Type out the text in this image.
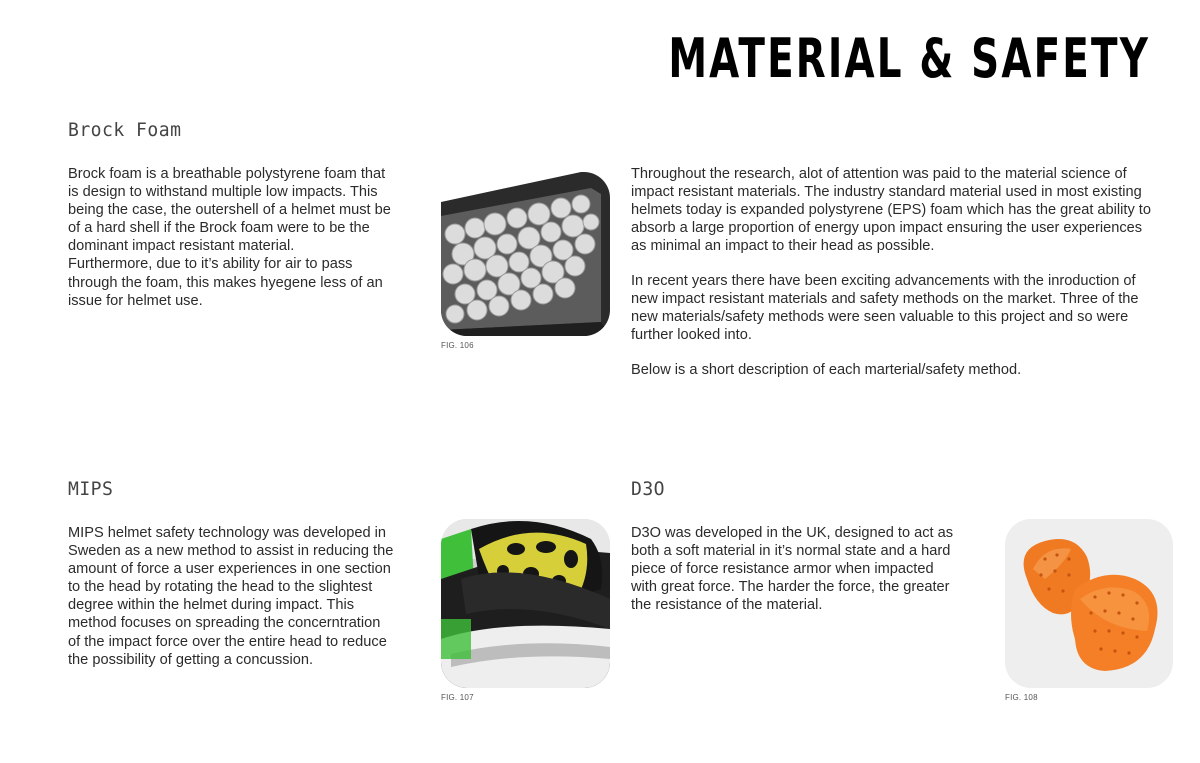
MATERIAL & SAFETY
Brock Foam

Brock foam is a breathable polystyrene foam that
is design to withstand multiple low impacts. This
being the case, the outershell of a helmet must be
of a hard shell if the Brock foam were to be the
dominant impact resistant material.
Furthermore, due to it’s ability for air to pass
through the foam, this makes hyegene less of an
issue for helmet use.

FIG. 106

Throughout the research, alot of attention was paid to the material science of
impact resistant materials. The industry standard material used in most existing
helmets today is expanded polystyrene (EPS) foam which has the great ability to
absorb a large proportion of energy upon impact ensuring the user experiences
as minimal an impact to their head as possible.

In recent years there have been exciting advancements with the inroduction of
new impact resistant materials and safety methods on the market. Three of the
new materials/safety methods were seen valuable to this project and so were
further looked into.

Below is a short description of each marterial/safety method.

MIPS

MIPS helmet safety technology was developed in
Sweden as a new method to assist in reducing the
amount of force a user experiences in one section
to the head by rotating the head to the slightest
degree within the helmet during impact. This
method focuses on spreading the concerntration
of the impact force over the entire head to reduce
the possibility of getting a concussion.

FIG. 107
D3O

D3O was developed in the UK, designed to act as
both a soft material in it’s normal state and a hard
piece of force resistance armor when impacted
with great force. The harder the force, the greater
the resistance of the material.

FIG. 108
